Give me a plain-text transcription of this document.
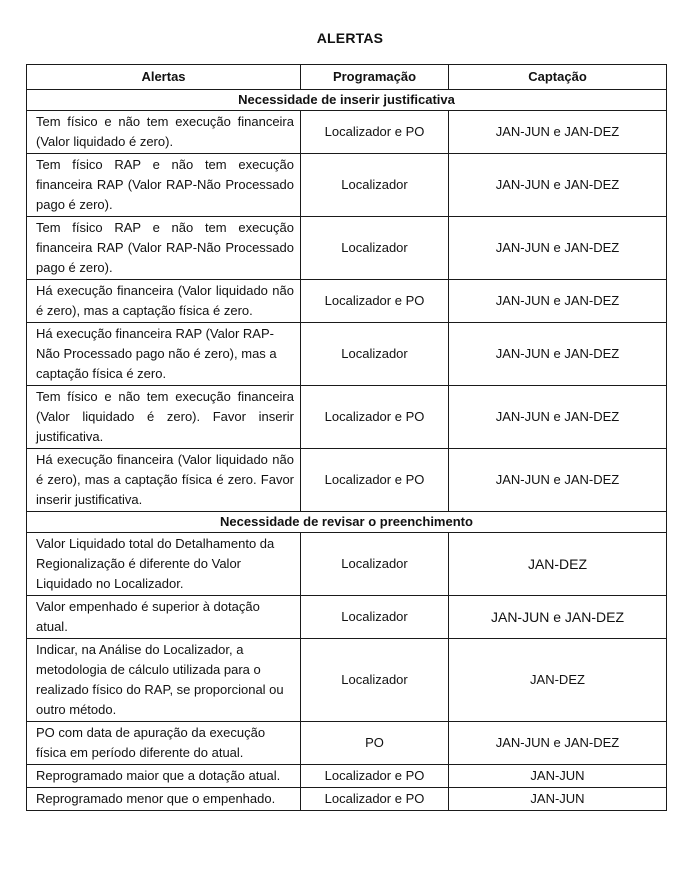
ALERTAS
Alertas	Programação	Captação
Necessidade de inserir justificativa		
Tem físico e não tem execução financeira (Valor liquidado é zero).	Localizador e PO	JAN-JUN e JAN-DEZ
Tem físico RAP e não tem execução financeira RAP (Valor RAP-Não Processado pago é zero).	Localizador	JAN-JUN e JAN-DEZ
Tem físico RAP e não tem execução financeira RAP (Valor RAP-Não Processado pago é zero).	Localizador	JAN-JUN e JAN-DEZ
Há execução financeira (Valor liquidado não é zero), mas a captação física é zero.	Localizador e PO	JAN-JUN e JAN-DEZ
Há execução financeira RAP (Valor RAP-Não Processado pago não é zero), mas a captação física é zero.	Localizador	JAN-JUN e JAN-DEZ
Tem físico e não tem execução financeira (Valor liquidado é zero). Favor inserir justificativa.	Localizador e PO	JAN-JUN e JAN-DEZ
Há execução financeira (Valor liquidado não é zero), mas a captação física é zero. Favor inserir justificativa.	Localizador e PO	JAN-JUN e JAN-DEZ
Necessidade de revisar o preenchimento		
Valor Liquidado total do Detalhamento da Regionalização é diferente do Valor Liquidado no Localizador.	Localizador	JAN-DEZ
Valor empenhado é superior à dotação atual.	Localizador	JAN-JUN e JAN-DEZ
Indicar, na Análise do Localizador, a metodologia de cálculo utilizada para o realizado físico do RAP, se proporcional ou outro método.	Localizador	JAN-DEZ
PO com data de apuração da execução física em período diferente do atual.	PO	JAN-JUN e JAN-DEZ
Reprogramado maior que a dotação atual.	Localizador e PO	JAN-JUN
Reprogramado menor que o empenhado.	Localizador e PO	JAN-JUN
